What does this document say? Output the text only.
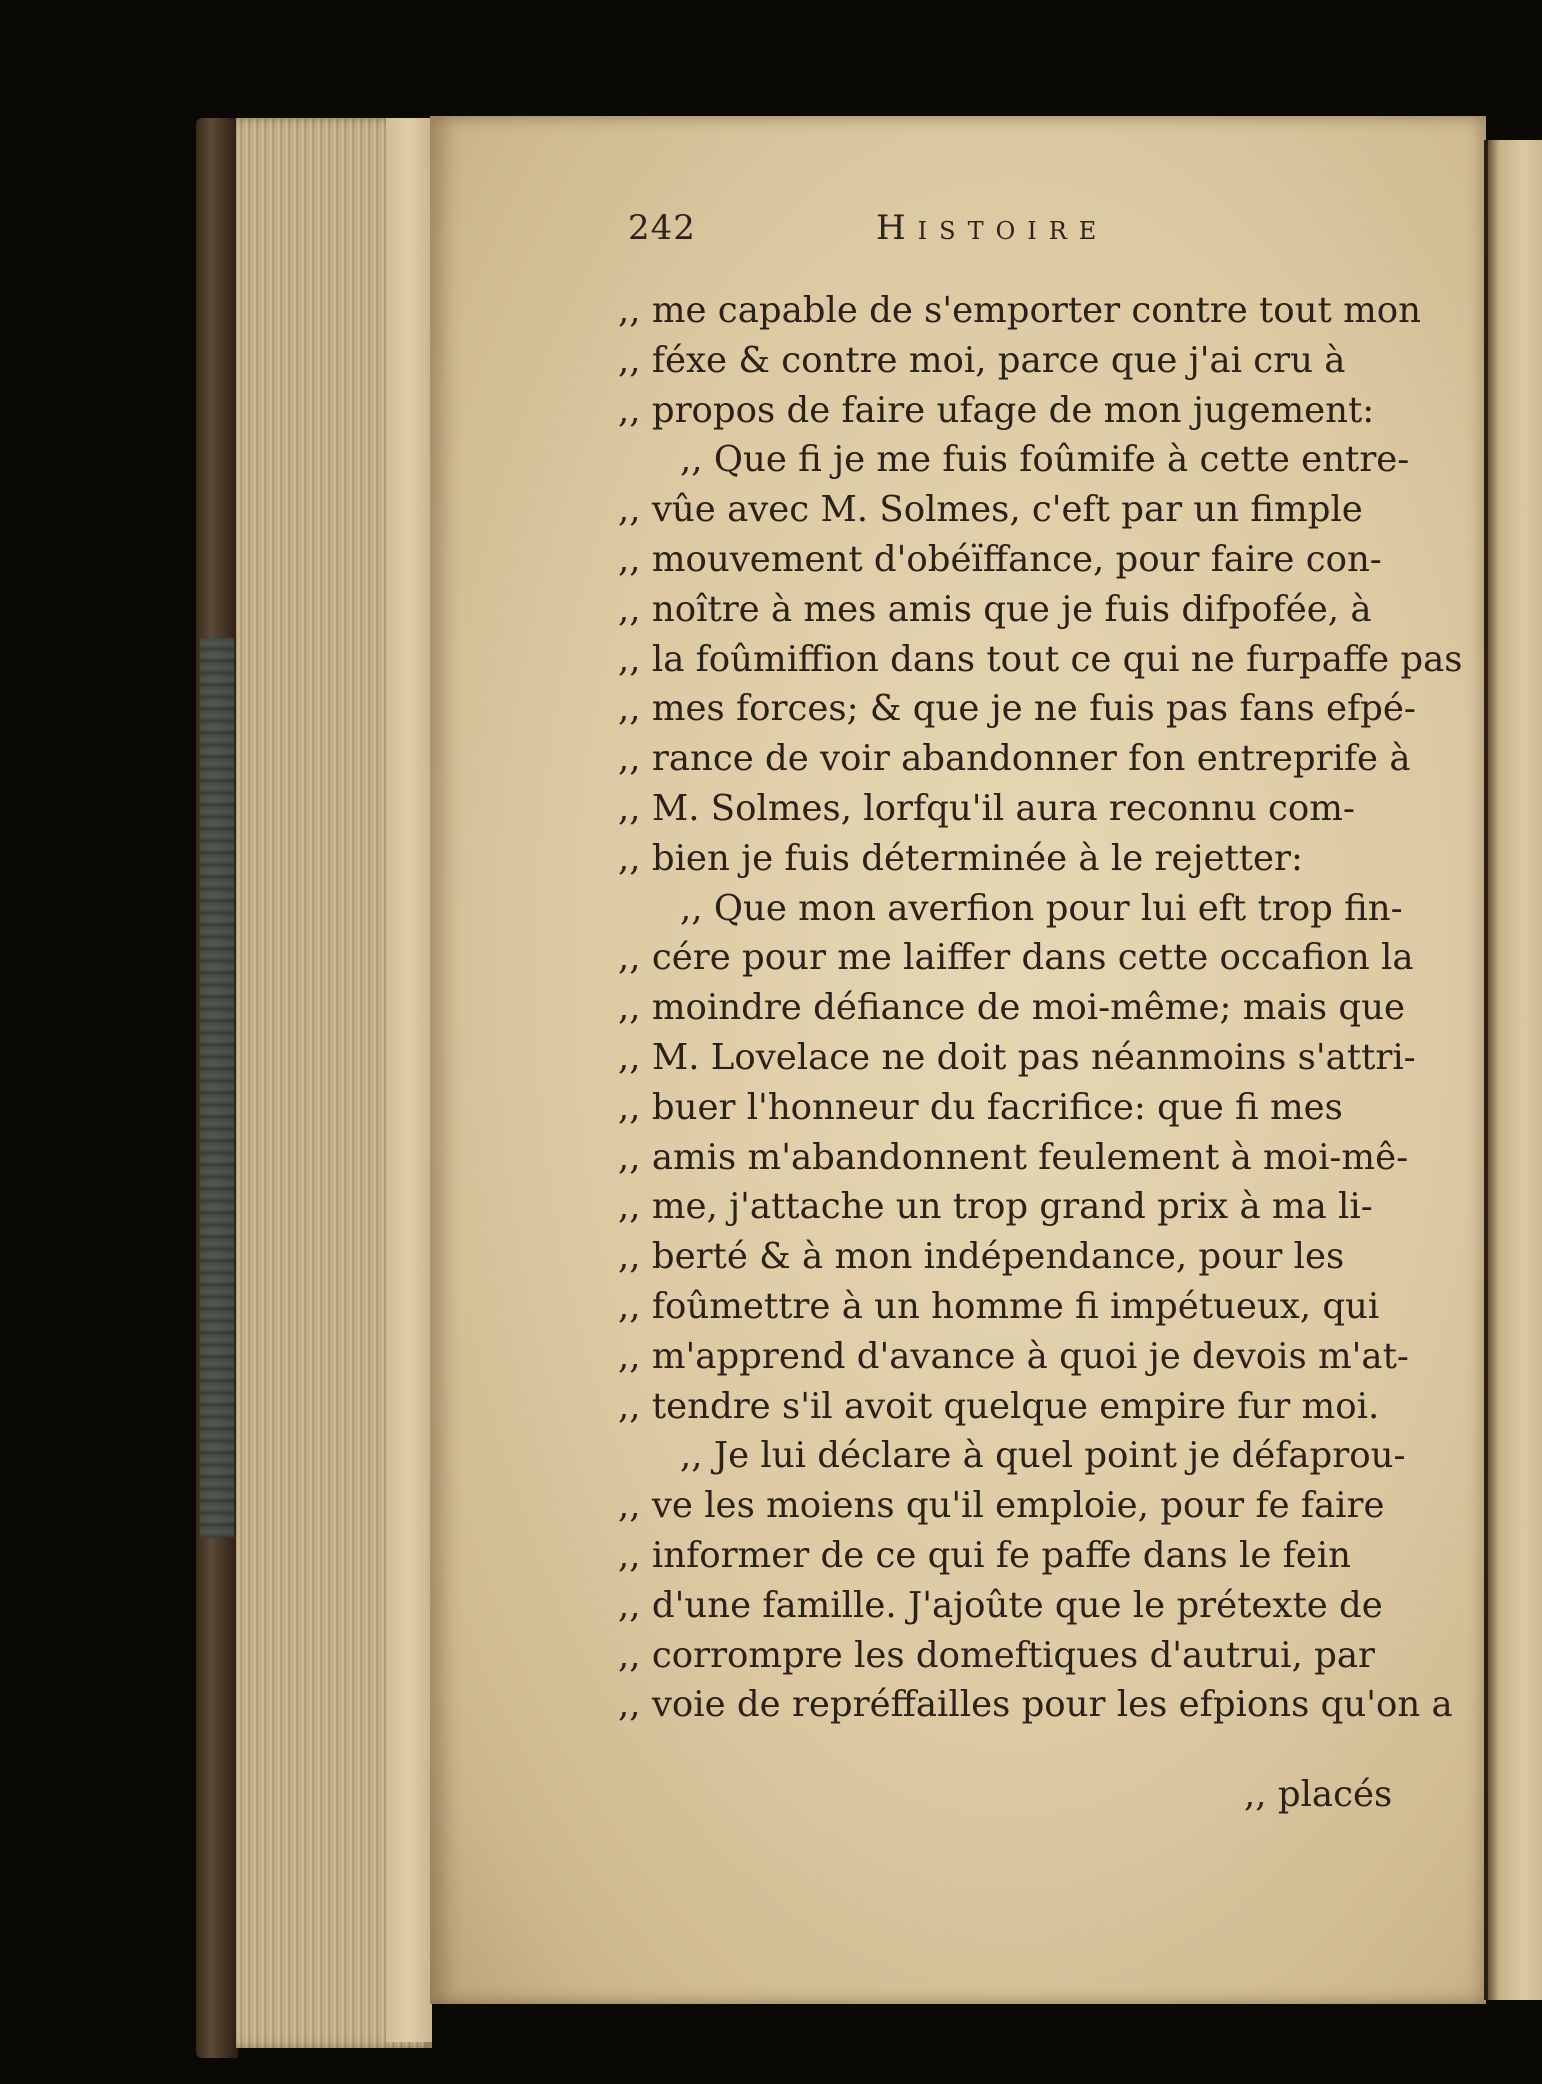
242	Histoire
,, me capable de s'emporter contre tout mon
,, féxe & contre moi, parce que j'ai cru à
,, propos de faire ufage de mon jugement:
,, Que fi je me fuis foûmife à cette entre-
,, vûe avec M. Solmes, c'eft par un fimple
,, mouvement d'obéïffance, pour faire con-
,, noître à mes amis que je fuis difpofée, à
,, la foûmiffion dans tout ce qui ne furpaffe pas
,, mes forces; & que je ne fuis pas fans efpé-
,, rance de voir abandonner fon entreprife à
,, M. Solmes, lorfqu'il aura reconnu com-
,, bien je fuis déterminée à le rejetter:
,, Que mon averfion pour lui eft trop fin-
,, cére pour me laiffer dans cette occafion la
,, moindre défiance de moi-même; mais que
,, M. Lovelace ne doit pas néanmoins s'attri-
,, buer l'honneur du facrifice: que fi mes
,, amis m'abandonnent feulement à moi-mê-
,, me, j'attache un trop grand prix à ma li-
,, berté & à mon indépendance, pour les
,, foûmettre à un homme fi impétueux, qui
,, m'apprend d'avance à quoi je devois m'at-
,, tendre s'il avoit quelque empire fur moi.
,, Je lui déclare à quel point je défaprou-
,, ve les moiens qu'il emploie, pour fe faire
,, informer de ce qui fe paffe dans le fein
,, d'une famille. J'ajoûte que le prétexte de
,, corrompre les domeftiques d'autrui, par
,, voie de repréffailles pour les efpions qu'on a
,, placés
